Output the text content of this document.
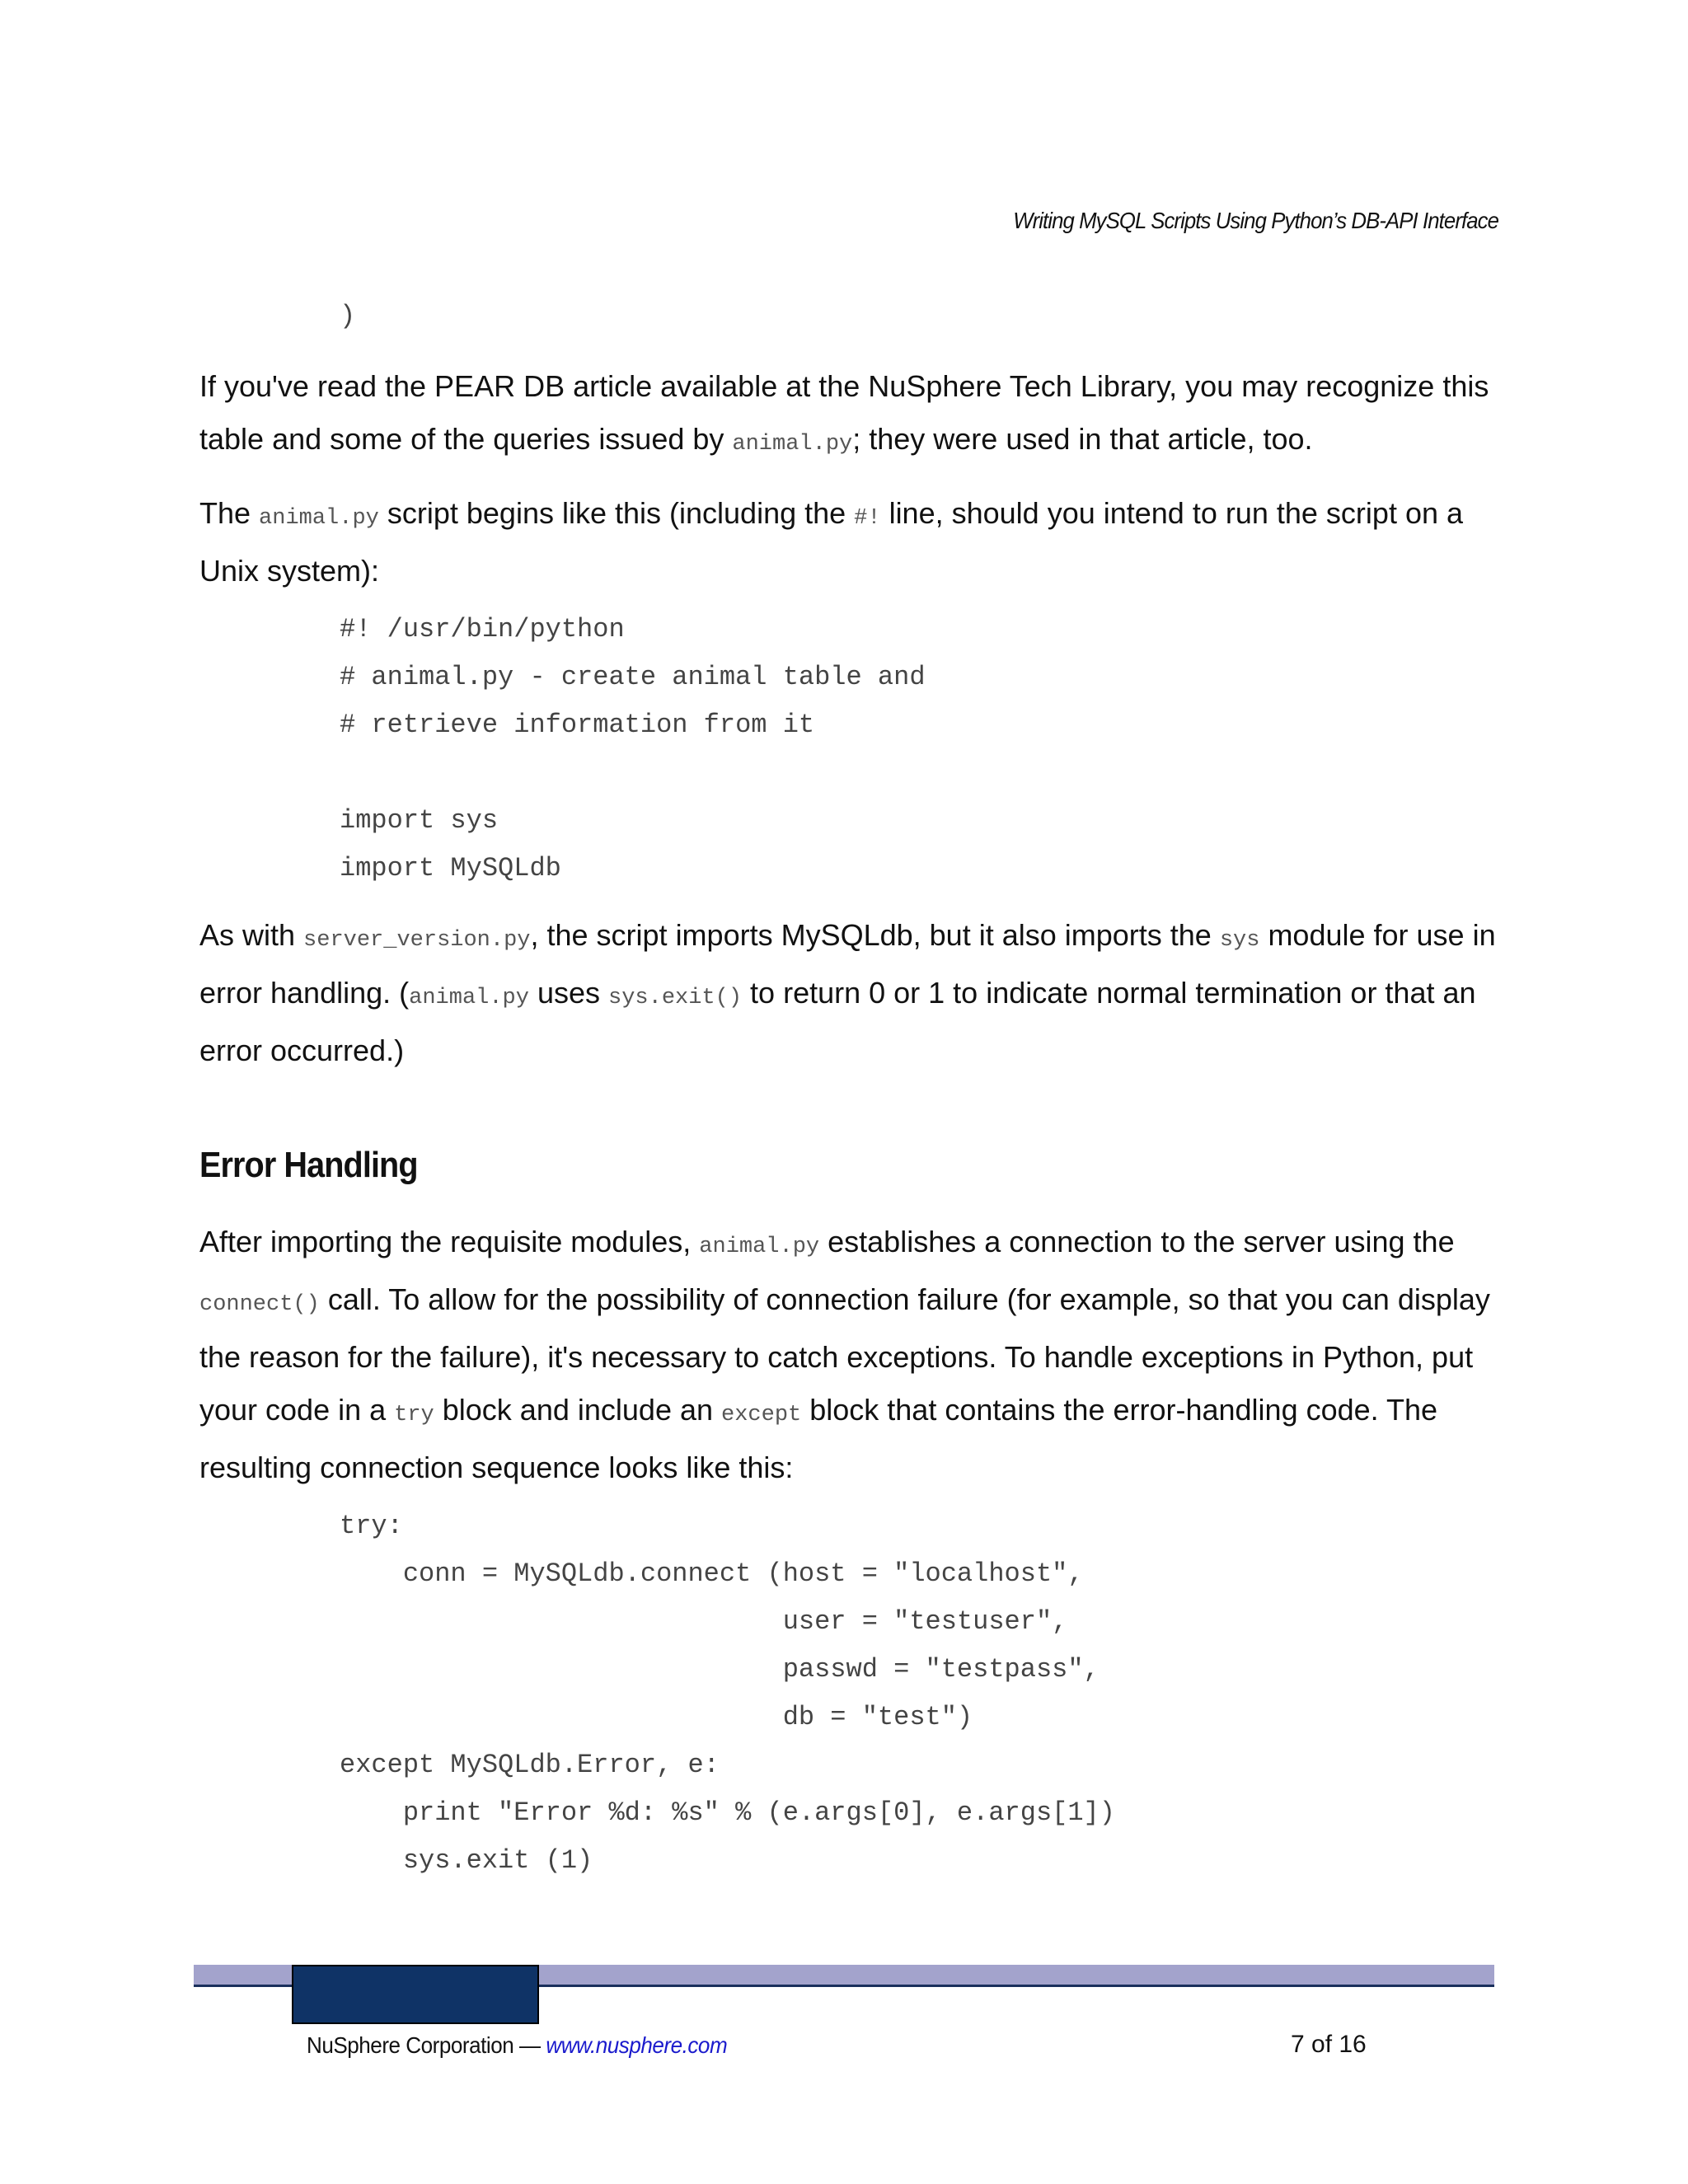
Writing MySQL Scripts Using Python’s DB-API Interface
)

If you've read the PEAR DB article available at the NuSphere Tech Library, you may recognize this table and some of the queries issued by animal.py; they were used in that article, too.

The animal.py script begins like this (including the #! line, should you intend to run the script on a Unix system):

#! /usr/bin/python
# animal.py - create animal table and
# retrieve information from it

import sys
import MySQLdb

As with server_version.py, the script imports MySQLdb, but it also imports the sys module for use in error handling. (animal.py uses sys.exit() to return 0 or 1 to indicate normal termination or that an error occurred.)

Error Handling

After importing the requisite modules, animal.py establishes a connection to the server using the connect() call. To allow for the possibility of connection failure (for example, so that you can display the reason for the failure), it's necessary to catch exceptions. To handle exceptions in Python, put your code in a try block and include an except block that contains the error-handling code. The resulting connection sequence looks like this:

try:
conn = MySQLdb.connect (host = "localhost",
user = "testuser",
passwd = "testpass",
db = "test")
except MySQLdb.Error, e:
print "Error %d: %s" % (e.args[0], e.args[1])
sys.exit (1)
NuSphere Corporation — www.nusphere.com	7 of 16
